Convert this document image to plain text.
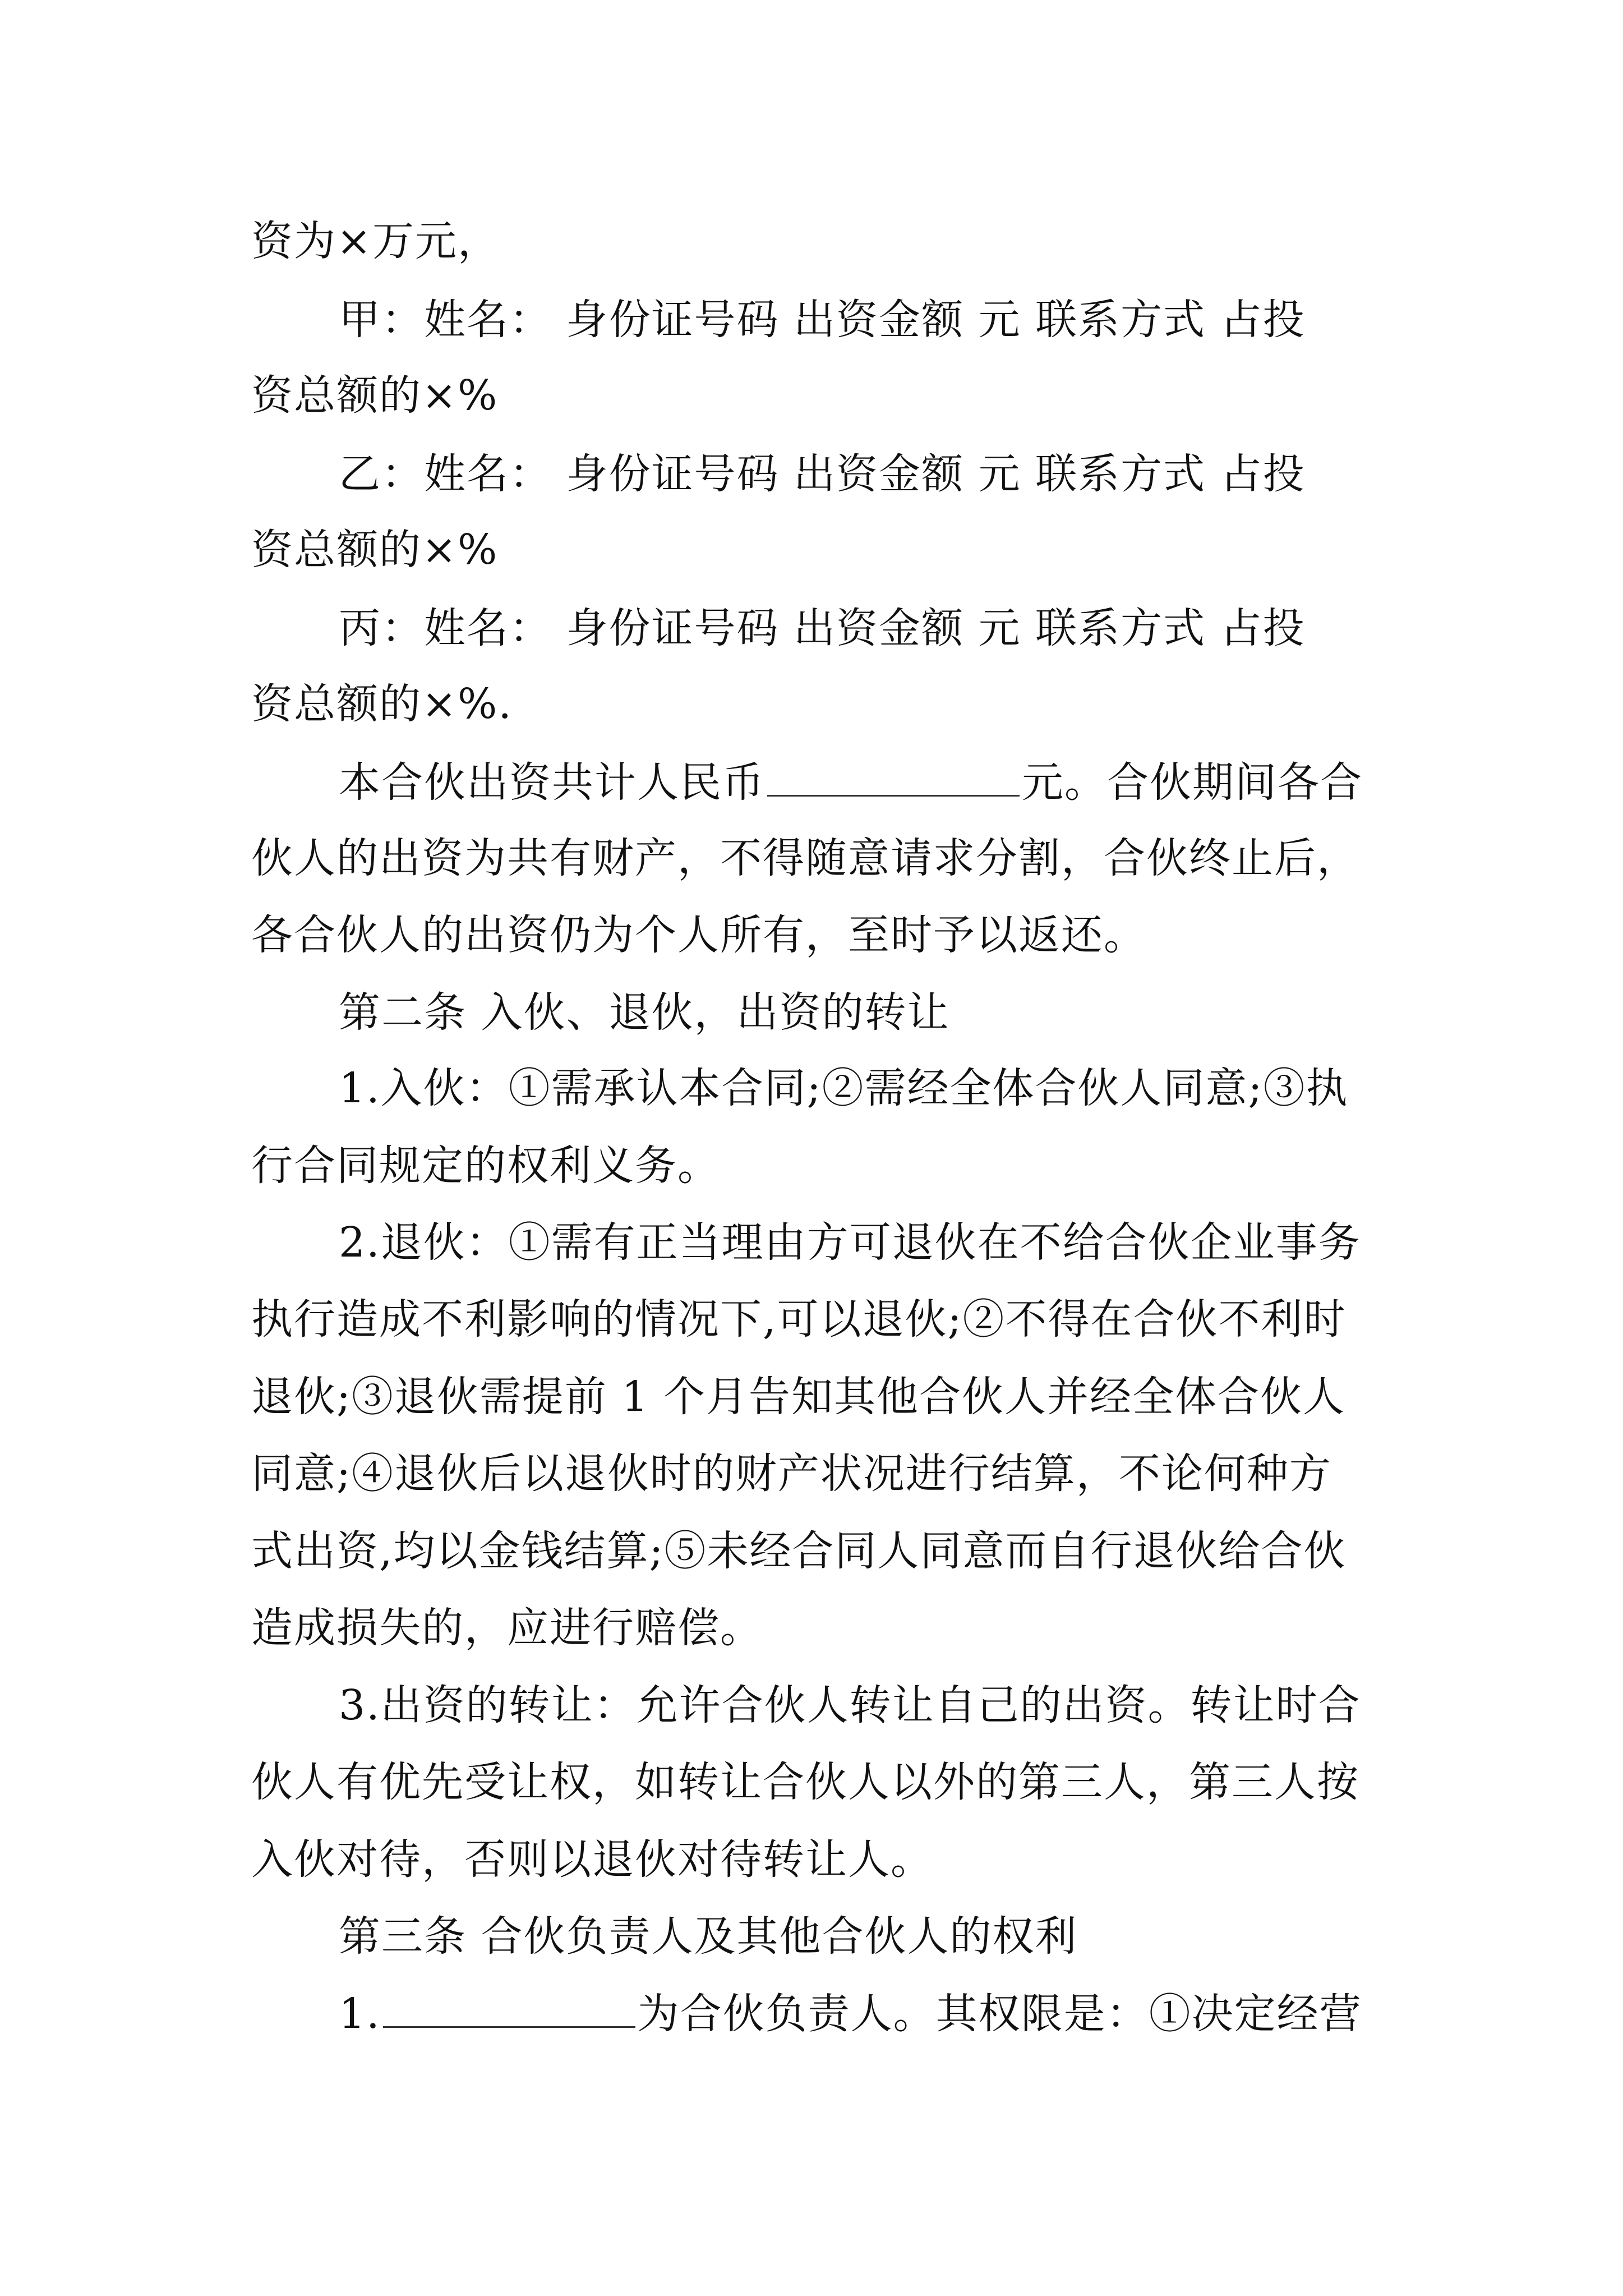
资为×万元，
甲：姓名： 身份证号码 出资金额 元 联系方式 占投
资总额的×%
乙：姓名： 身份证号码 出资金额 元 联系方式 占投
资总额的×%
丙：姓名： 身份证号码 出资金额 元 联系方式 占投
资总额的×%.
本合伙出资共计人民币	元。合伙期间各合
伙人的出资为共有财产，不得随意请求分割，合伙终止后，
各合伙人的出资仍为个人所有，至时予以返还。
第二条 入伙、退伙，出资的转让
1.入伙：①需承认本合同;②需经全体合伙人同意;③执
行合同规定的权利义务。
2.退伙：①需有正当理由方可退伙在不给合伙企业事务
执行造成不利影响的情况下,可以退伙;②不得在合伙不利时
退伙;③退伙需提前 1 个月告知其他合伙人并经全体合伙人
同意;④退伙后以退伙时的财产状况进行结算，不论何种方
式出资,均以金钱结算;⑤未经合同人同意而自行退伙给合伙
造成损失的，应进行赔偿。
3.出资的转让：允许合伙人转让自己的出资。转让时合
伙人有优先受让权，如转让合伙人以外的第三人，第三人按
入伙对待，否则以退伙对待转让人。
第三条 合伙负责人及其他合伙人的权利
1.	为合伙负责人。其权限是：①决定经营
